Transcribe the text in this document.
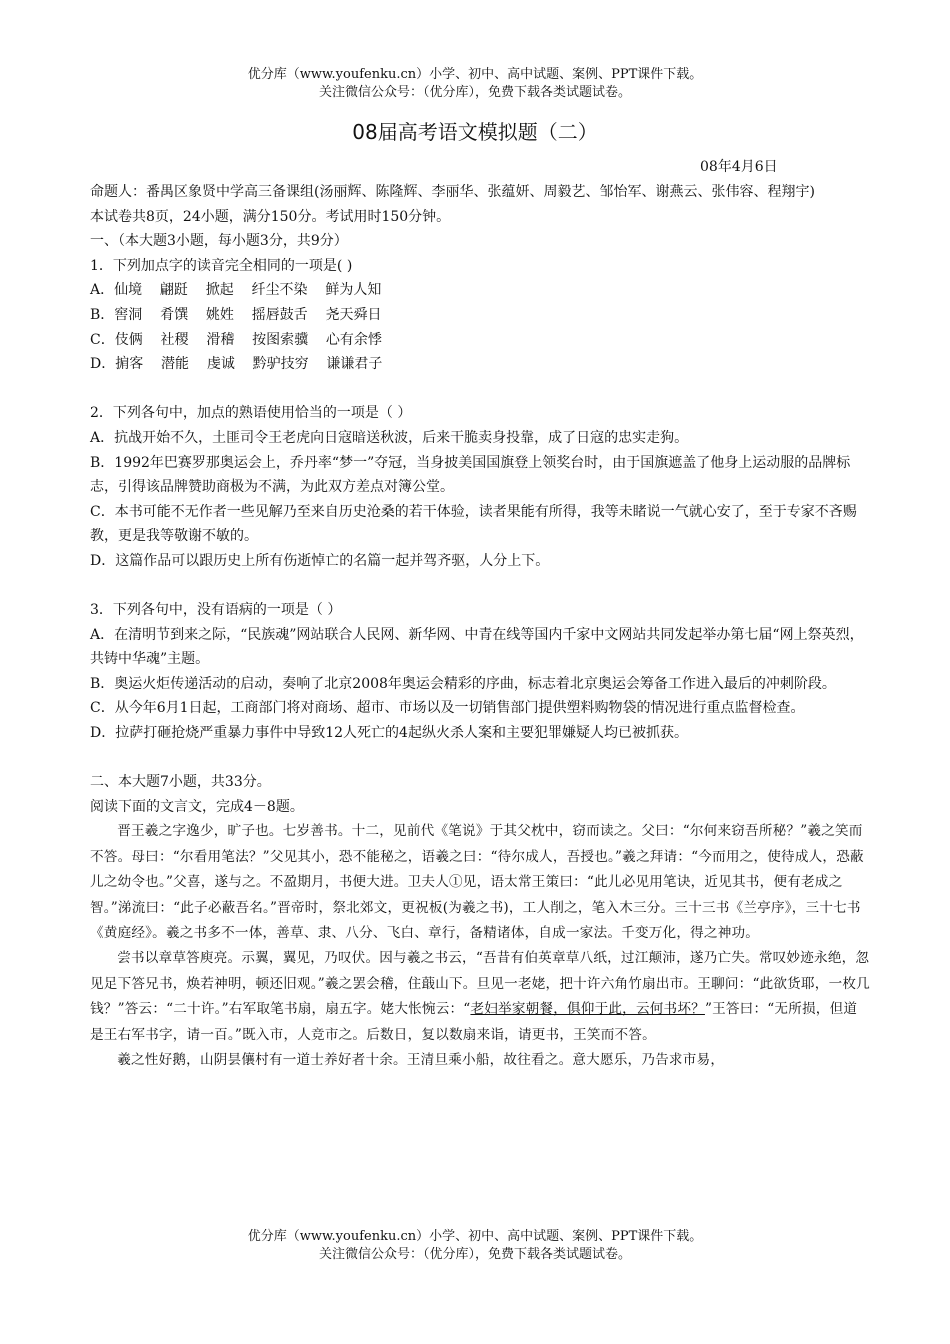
优分库（www.youfenku.cn）小学、初中、高中试题、案例、PPT课件下载。
关注微信公众号：（优分库），免费下载各类试题试卷。
08届高考语文模拟题（二）
08年4月6日

命题人：番禺区象贤中学高三备课组(汤丽辉、陈隆辉、李丽华、张蕴妍、周毅艺、邹怡军、谢燕云、张伟容、程翔宇)

本试卷共8页，24小题，满分150分。考试用时150分钟。

一、（本大题3小题，每小题3分，共9分）

1．下列加点字的读音完全相同的一项是( )

A．仙境    翩跹    掀起    纤尘不染    鲜为人知

B．窖洞    肴馔    姚姓    摇唇鼓舌    尧天舜日

C．伎俩    社稷    滑稽    按图索骥    心有余悸

D．掮客    潜能    虔诚    黔驴技穷    谦谦君子

2．下列各句中，加点的熟语使用恰当的一项是（ ）

A．抗战开始不久，土匪司令王老虎向日寇暗送秋波，后来干脆卖身投靠，成了日寇的忠实走狗。

B．1992年巴赛罗那奥运会上，乔丹率“梦一”夺冠，当身披美国国旗登上领奖台时，由于国旗遮盖了他身上运动服的品牌标志，引得该品牌赞助商极为不满，为此双方差点对簿公堂。

C．本书可能不无作者一些见解乃至来自历史沧桑的若干体验，读者果能有所得，我等未睹说一气就心安了，至于专家不吝赐教，更是我等敬谢不敏的。

D．这篇作品可以跟历史上所有伤逝悼亡的名篇一起并驾齐驱，人分上下。

3．下列各句中，没有语病的一项是（ ）

A．在清明节到来之际，“民族魂”网站联合人民网、新华网、中青在线等国内千家中文网站共同发起举办第七届“网上祭英烈，共铸中华魂”主题。

B．奥运火炬传递活动的启动，奏响了北京2008年奥运会精彩的序曲，标志着北京奥运会筹备工作进入最后的冲刺阶段。

C．从今年6月1日起，工商部门将对商场、超市、市场以及一切销售部门提供塑料购物袋的情况进行重点监督检查。

D．拉萨打砸抢烧严重暴力事件中导致12人死亡的4起纵火杀人案和主要犯罪嫌疑人均已被抓获。

二、本大题7小题，共33分。

阅读下面的文言文，完成4－8题。

晋王羲之字逸少，旷子也。七岁善书。十二，见前代《笔说》于其父枕中，窃而读之。父曰：“尔何来窃吾所秘？”羲之笑而不答。母曰：“尔看用笔法？”父见其小，恐不能秘之，语羲之曰：“待尔成人，吾授也。”羲之拜请：“今而用之，使待成人，恐蔽儿之幼令也。”父喜，遂与之。不盈期月，书便大进。卫夫人①见，语太常王策曰：“此儿必见用笔诀，近见其书，便有老成之智。”涕流曰：“此子必蔽吾名。”晋帝时，祭北郊文，更祝板(为羲之书)，工人削之，笔入木三分。三十三书《兰亭序》，三十七书《黄庭经》。羲之书多不一体，善草、隶、八分、飞白、章行，备精诸体，自成一家法。千变万化，得之神功。

尝书以章草答庾亮。示翼，翼见，乃叹伏。因与羲之书云，“吾昔有伯英章草八纸，过江颠沛，遂乃亡失。常叹妙迹永绝，忽见足下答兄书，焕若神明，顿还旧观。”羲之罢会稽，住蕺山下。旦见一老姥，把十许六角竹扇出市。王聊问：“此欲货耶，一枚几钱？”答云：“二十许。”右军取笔书扇，扇五字。姥大怅惋云：“老妇举家朝餐，俱仰于此，云何书坏？”王答曰：“无所损，但道是王右军书字，请一百。”既入市，人竞市之。后数日，复以数扇来诣，请更书，王笑而不答。

羲之性好鹅，山阴昙儴村有一道士养好者十余。王清旦乘小船，故往看之。意大愿乐，乃告求市易，

优分库（www.youfenku.cn）小学、初中、高中试题、案例、PPT课件下载。
关注微信公众号：（优分库），免费下载各类试题试卷。
